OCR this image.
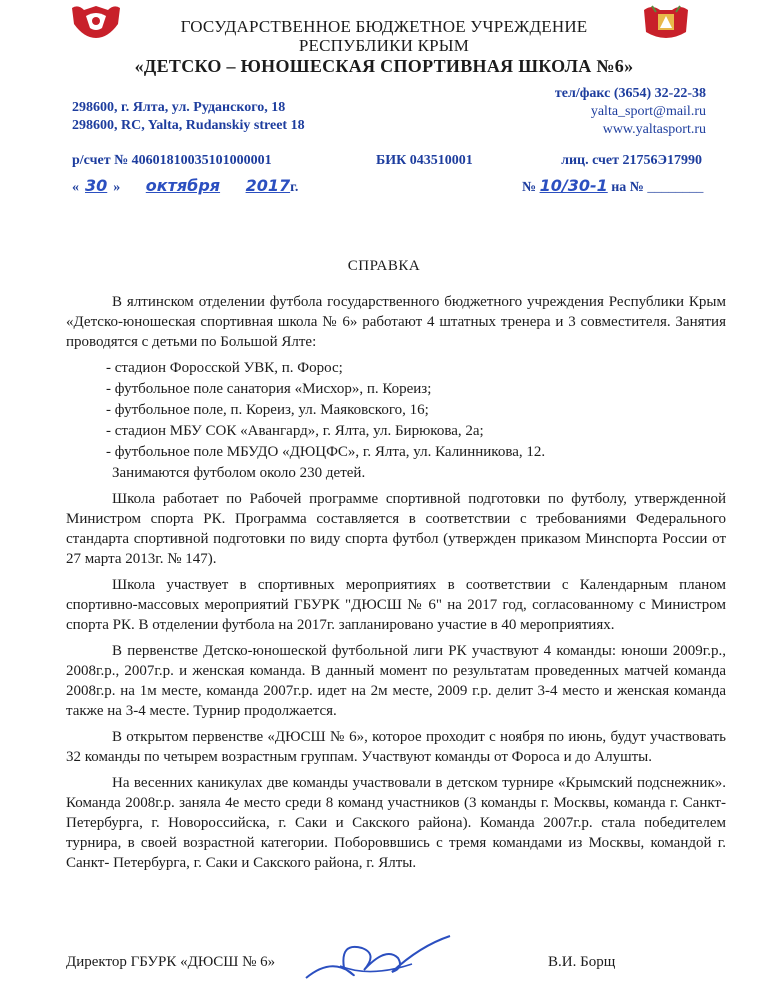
ГОСУДАРСТВЕННОЕ БЮДЖЕТНОЕ УЧРЕЖДЕНИЕ
РЕСПУБЛИКИ КРЫМ
«ДЕТСКО – ЮНОШЕСКАЯ СПОРТИВНАЯ ШКОЛА №6»
298600, г. Ялта, ул. Руданского, 18
298600, RC, Yalta, Rudanskiy street 18
тел/факс (3654) 32-22-38
yalta_sport@mail.ru
www.yaltasport.ru
р/счет № 40601810035101000001	БИК 043510001	лиц. счет 21756Э17990
« 30 » октября 2017г.	№ 10/30-1 на № ________
СПРАВКА

В ялтинском отделении футбола государственного бюджетного учреждения Республики Крым «Детско-юношеская спортивная школа № 6» работают 4 штатных тренера и 3 совместителя. Занятия проводятся с детьми по Большой Ялте:

- стадион Форосской УВК, п. Форос;

- футбольное поле санатория «Мисхор», п. Кореиз;

- футбольное поле, п. Кореиз, ул. Маяковского, 16;

- стадион МБУ СОК «Авангард», г. Ялта, ул. Бирюкова, 2а;

- футбольное поле МБУДО «ДЮЦФС», г. Ялта, ул. Калинникова, 12.

Занимаются футболом около 230 детей.

Школа работает по Рабочей программе спортивной подготовки по футболу, утвержденной Министром спорта РК. Программа составляется в соответствии с требованиями Федерального стандарта спортивной подготовки по виду спорта футбол (утвержден приказом Минспорта России от 27 марта 2013г. № 147).

Школа участвует в спортивных мероприятиях в соответствии с Календарным планом спортивно-массовых мероприятий ГБУРК "ДЮСШ № 6" на 2017 год, согласованному с Министром спорта РК. В отделении футбола на 2017г. запланировано участие в 40 мероприятиях.

В первенстве Детско-юношеской футбольной лиги РК участвуют 4 команды: юноши 2009г.р., 2008г.р., 2007г.р. и женская команда. В данный момент по результатам проведенных матчей команда 2008г.р. на 1м месте, команда 2007г.р. идет на 2м месте, 2009 г.р. делит 3-4 место и женская команда также на 3-4 месте. Турнир продолжается.

В открытом первенстве «ДЮСШ № 6», которое проходит с ноября по июнь, будут участвовать 32 команды по четырем возрастным группам. Участвуют команды от Фороса и до Алушты.

На весенних каникулах две команды участвовали в детском турнире «Крымский подснежник». Команда 2008г.р. заняла 4е место среди 8 команд участников (3 команды г. Москвы, команда г. Санкт-Петербурга, г. Новороссийска, г. Саки и Сакского района). Команда 2007г.р. стала победителем турнира, в своей возрастной категории. Побороввшись с тремя командами из Москвы, командой г. Санкт- Петербурга, г. Саки и Сакского района, г. Ялты.

Директор ГБУРК «ДЮСШ № 6»	В.И. Борщ
